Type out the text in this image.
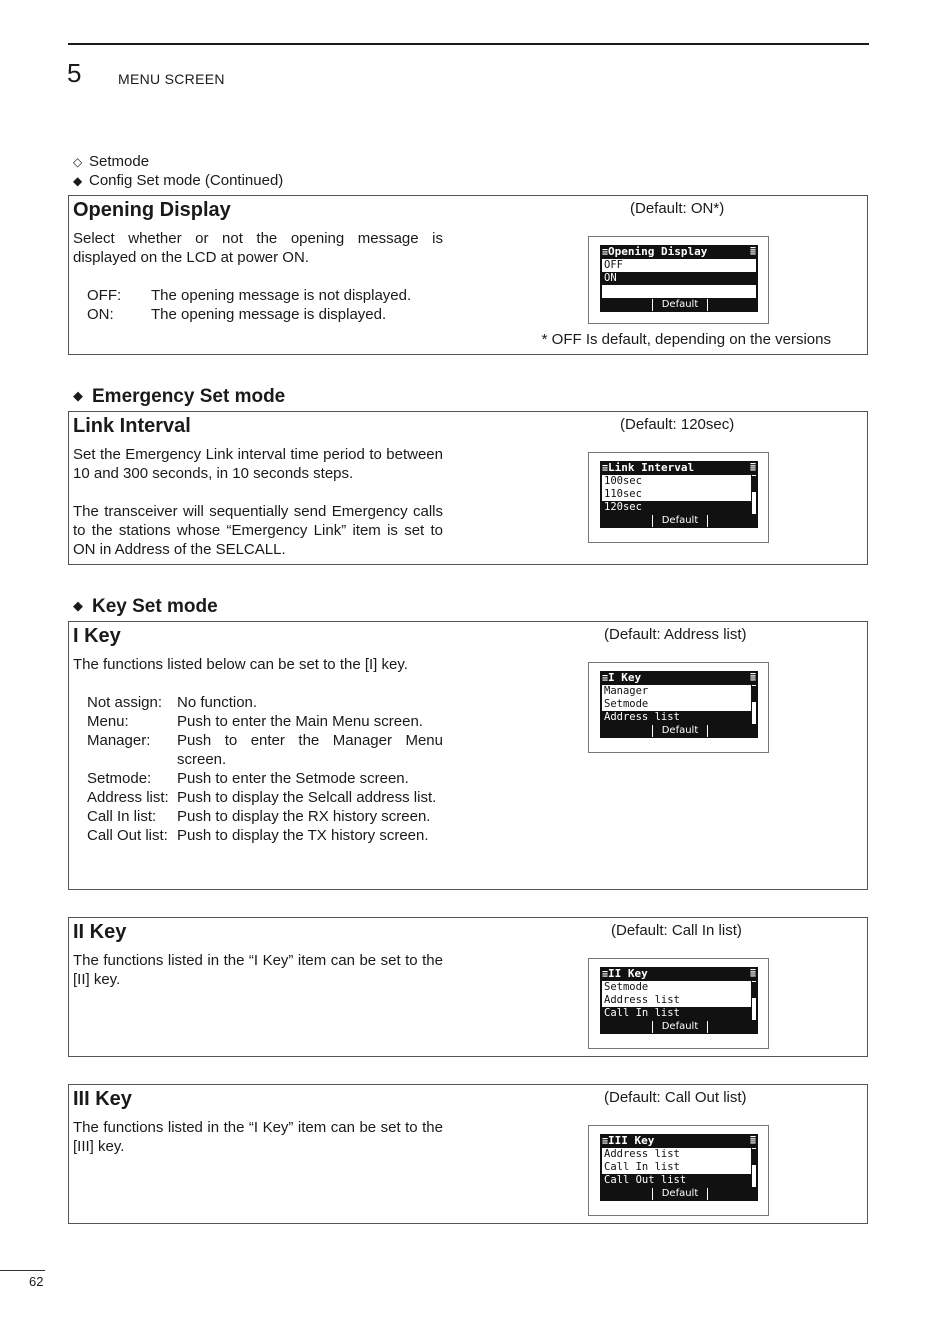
5	MENU SCREEN
◇ Setmode
◆ Config Set mode (Continued)
Opening Display	(Default: ON*)

Select whether or not the opening message is displayed on the LCD at power ON.

OFF:	The opening message is not displayed.
ON:	The opening message is displayed.
≡Opening Display	≣
OFF
ON
Default
* OFF Is default, depending on the versions
◆ Emergency Set mode
Link Interval	(Default: 120sec)

Set the Emergency Link interval time period to between 10 and 300 seconds, in 10 seconds steps.

The transceiver will sequentially send Emergency calls to the stations whose “Emergency Link” item is set to ON in Address of the SELCALL.

≡Link Interval	≣
100sec
110sec
120sec
Default
◆ Key Set mode
I Key	(Default: Address list)

The functions listed below can be set to the [I] key.

Not assign: No function.
Menu:	Push to enter the Main Menu screen.
Manager:	Push to enter the Manager Menu screen.
Setmode:	Push to enter the Setmode screen.
Address list: Push to display the Selcall address list.
Call In list:	Push to display the RX history screen.
Call Out list: Push to display the TX history screen.
≡I Key	≣
Manager
Setmode
Address list
Default
II Key	(Default: Call In list)

The functions listed in the “I Key” item can be set to the [II] key.	≡II Key	≣
Setmode
Address list
Call In list
Default
III Key	(Default: Call Out list)

The functions listed in the “I Key” item can be set to the [III] key.	≡III Key	≣
Address list
Call In list
Call Out list
Default
62
